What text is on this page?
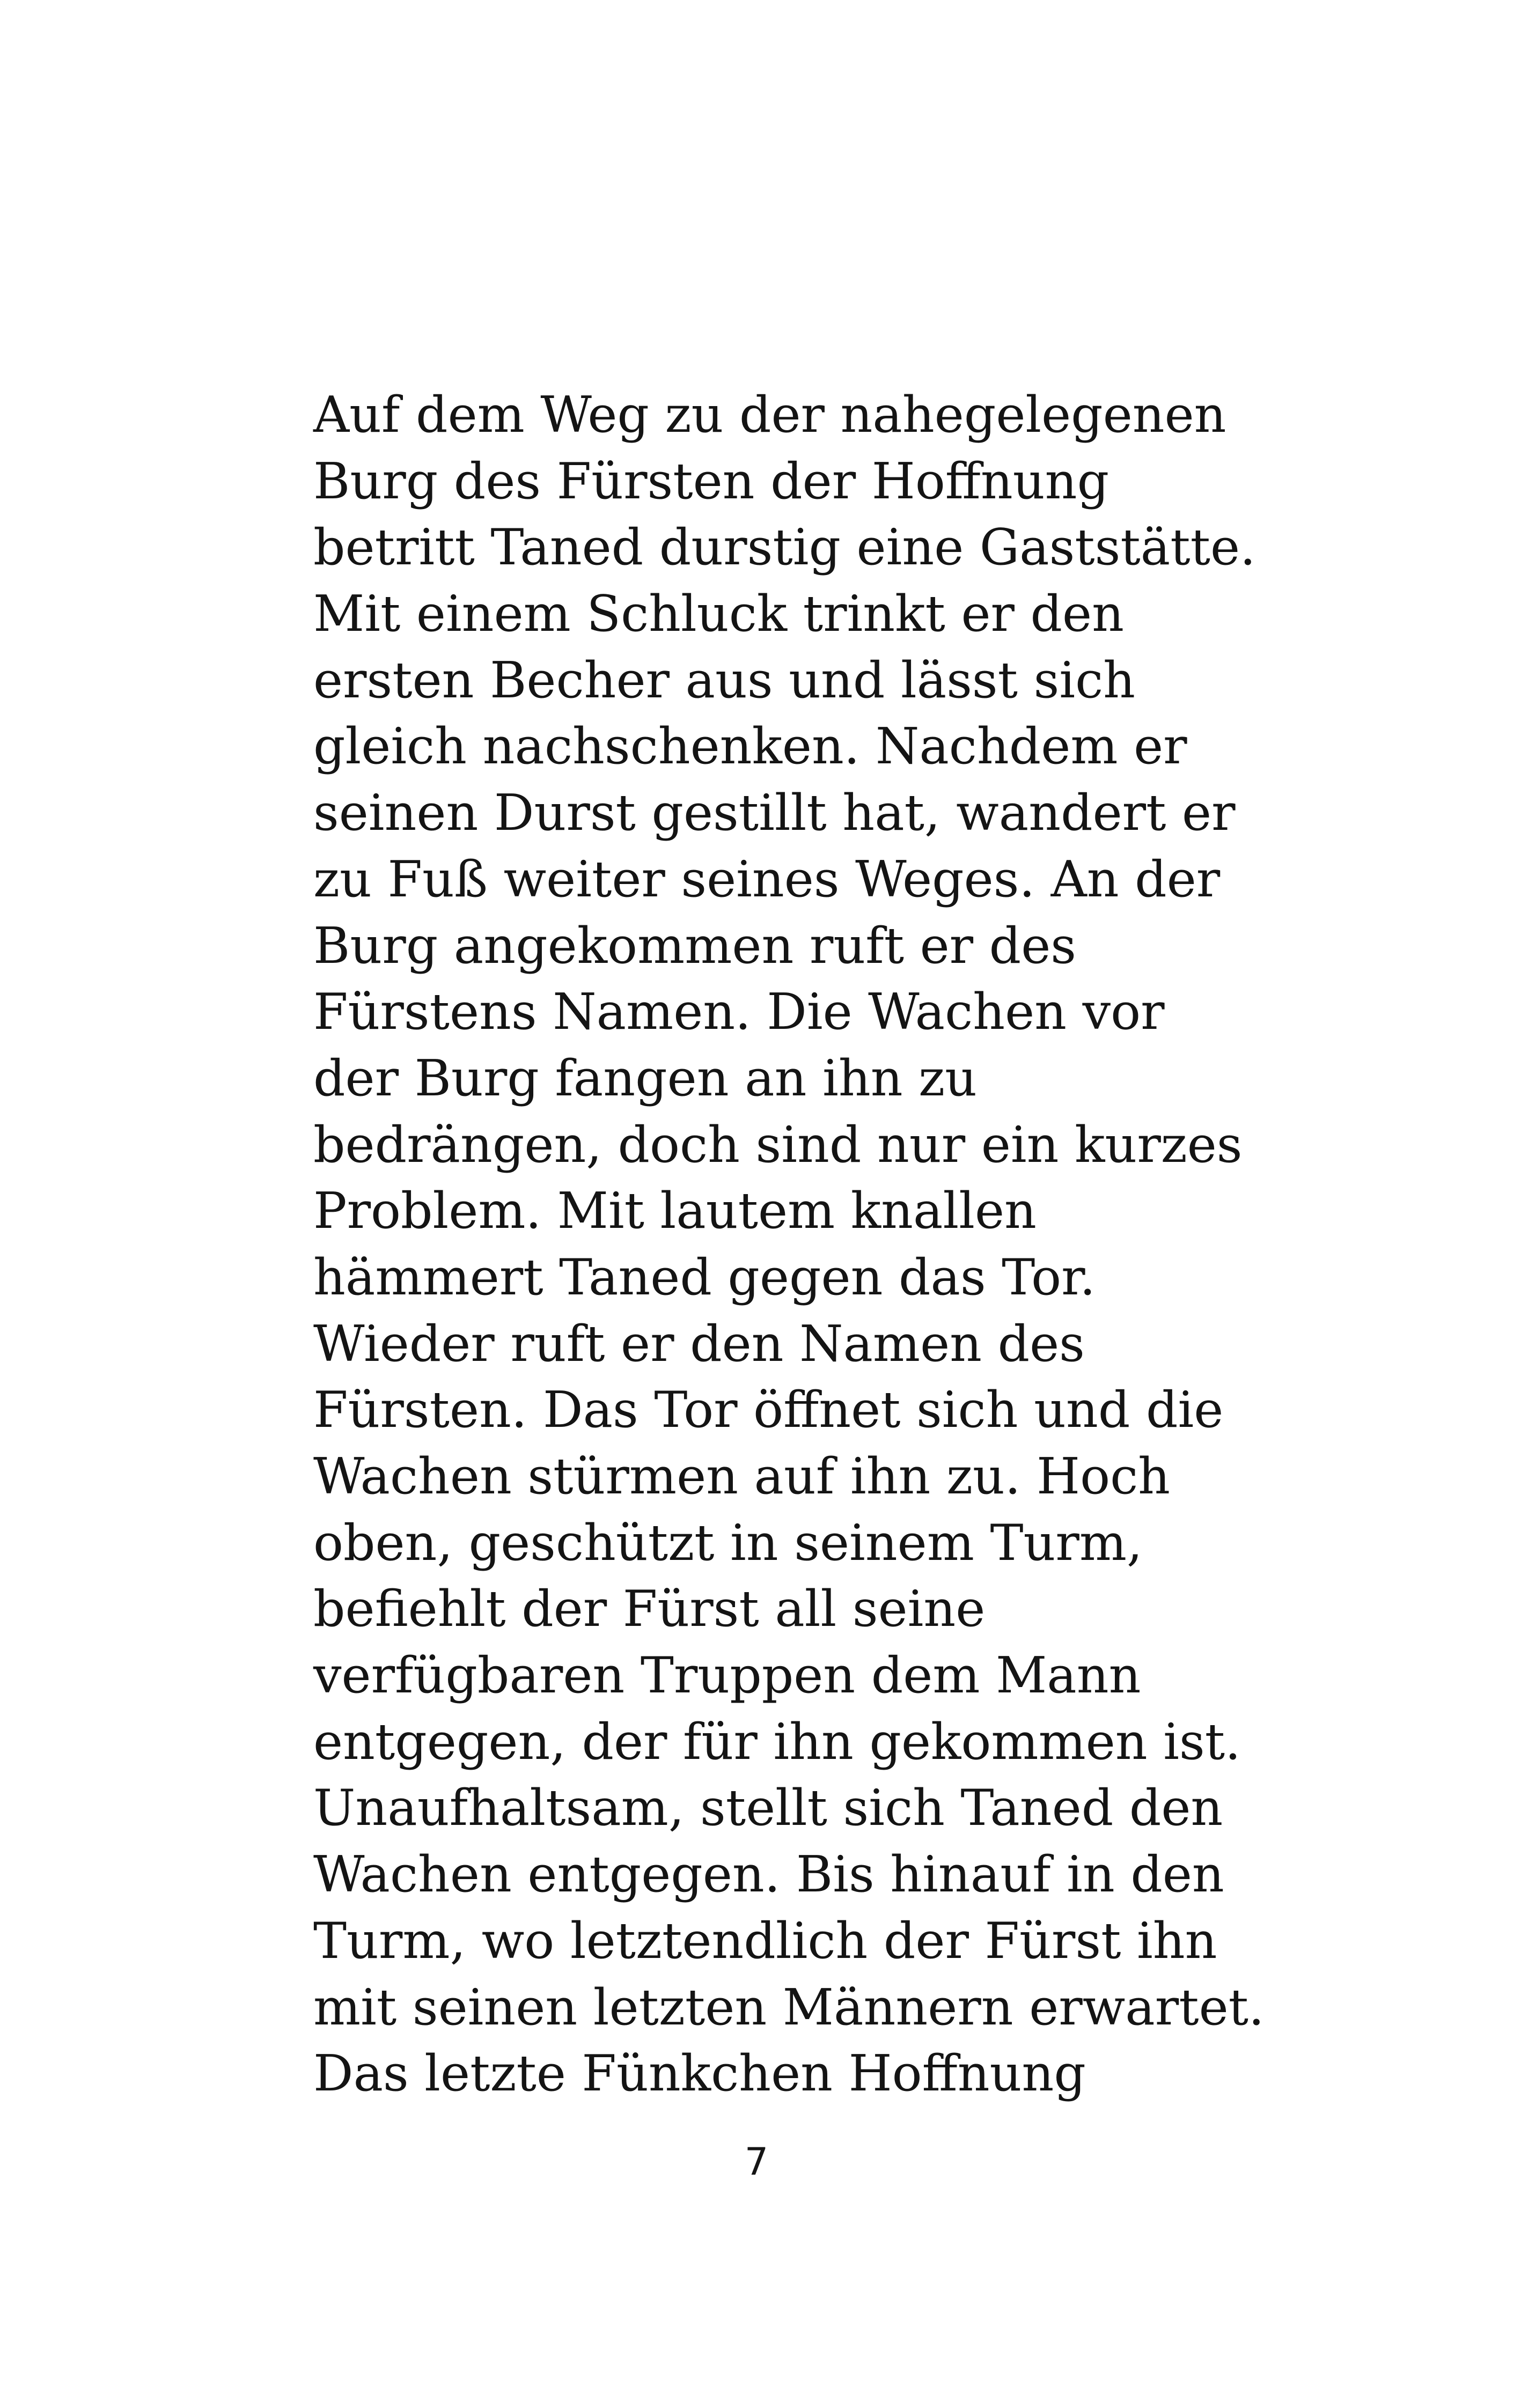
Auf dem Weg zu der nahegelegenen
Burg des Fürsten der Hoffnung
betritt Taned durstig eine Gaststätte.
Mit einem Schluck trinkt er den
ersten Becher aus und lässt sich
gleich nachschenken. Nachdem er
seinen Durst gestillt hat, wandert er
zu Fuß weiter seines Weges. An der
Burg angekommen ruft er des
Fürstens Namen. Die Wachen vor
der Burg fangen an ihn zu
bedrängen, doch sind nur ein kurzes
Problem. Mit lautem knallen
hämmert Taned gegen das Tor.
Wieder ruft er den Namen des
Fürsten. Das Tor öffnet sich und die
Wachen stürmen auf ihn zu. Hoch
oben, geschützt in seinem Turm,
befiehlt der Fürst all seine
verfügbaren Truppen dem Mann
entgegen, der für ihn gekommen ist.
Unaufhaltsam, stellt sich Taned den
Wachen entgegen. Bis hinauf in den
Turm, wo letztendlich der Fürst ihn
mit seinen letzten Männern erwartet.
Das letzte Fünkchen Hoffnung
7
